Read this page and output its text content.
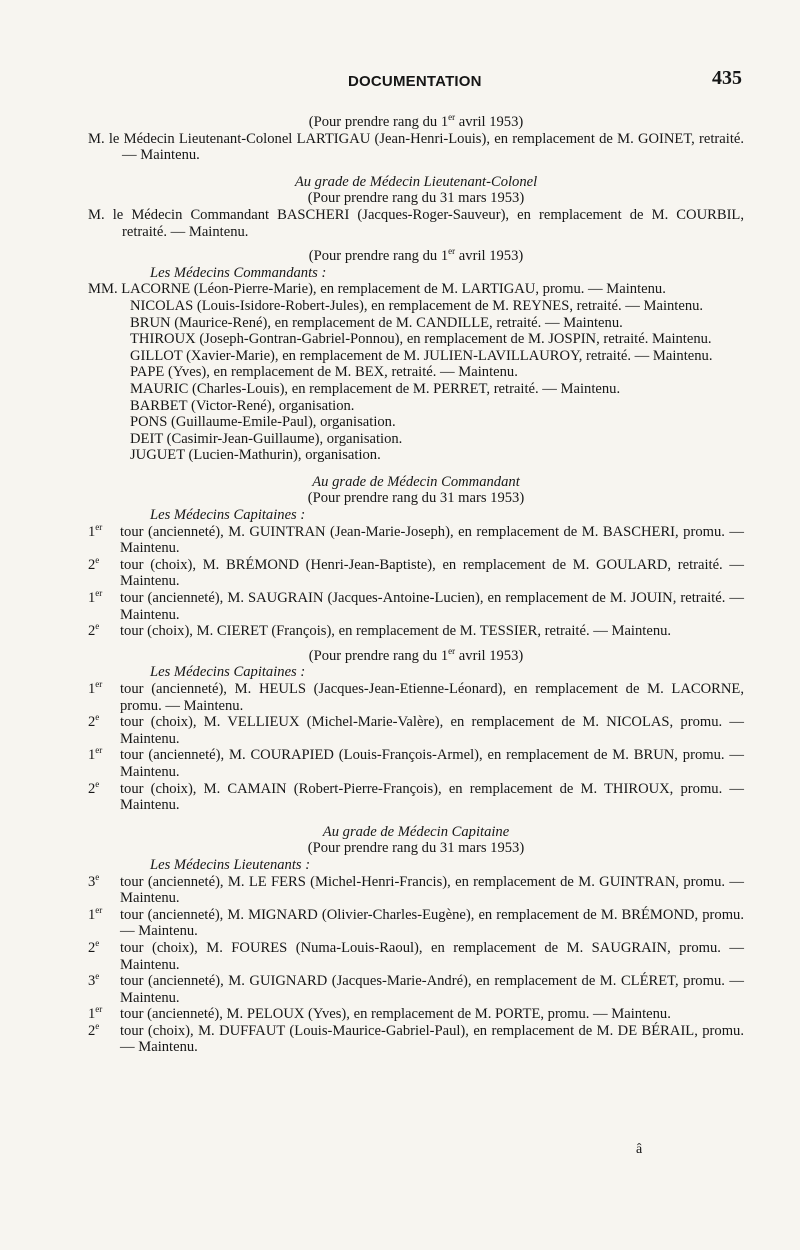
DOCUMENTATION	435
(Pour prendre rang du 1er avril 1953)
M. le Médecin Lieutenant-Colonel LARTIGAU (Jean-Henri-Louis), en remplacement de M. GOINET, retraité. — Maintenu.
Au grade de Médecin Lieutenant-Colonel
(Pour prendre rang du 31 mars 1953)
M. le Médecin Commandant BASCHERI (Jacques-Roger-Sauveur), en remplacement de M. COURBIL, retraité. — Maintenu.
(Pour prendre rang du 1er avril 1953)
Les Médecins Commandants :
MM. LACORNE (Léon-Pierre-Marie), en remplacement de M. LARTIGAU, promu. — Maintenu.
NICOLAS (Louis-Isidore-Robert-Jules), en remplacement de M. REYNES, retraité. — Maintenu.
BRUN (Maurice-René), en remplacement de M. CANDILLE, retraité. — Maintenu.
THIROUX (Joseph-Gontran-Gabriel-Ponnou), en remplacement de M. JOSPIN, retraité. Maintenu.
GILLOT (Xavier-Marie), en remplacement de M. JULIEN-LAVILLAUROY, retraité. — Maintenu.
PAPE (Yves), en remplacement de M. BEX, retraité. — Maintenu.
MAURIC (Charles-Louis), en remplacement de M. PERRET, retraité. — Maintenu.
BARBET (Victor-René), organisation.
PONS (Guillaume-Emile-Paul), organisation.
DEIT (Casimir-Jean-Guillaume), organisation.
JUGUET (Lucien-Mathurin), organisation.
Au grade de Médecin Commandant
(Pour prendre rang du 31 mars 1953)
Les Médecins Capitaines :
1er	tour (ancienneté), M. GUINTRAN (Jean-Marie-Joseph), en remplacement de M. BASCHERI, promu. — Maintenu.
2e	tour (choix), M. BRÉMOND (Henri-Jean-Baptiste), en remplacement de M. GOULARD, retraité. — Maintenu.
1er	tour (ancienneté), M. SAUGRAIN (Jacques-Antoine-Lucien), en remplacement de M. JOUIN, retraité. — Maintenu.
2e	tour (choix), M. CIERET (François), en remplacement de M. TESSIER, retraité. — Maintenu.
(Pour prendre rang du 1er avril 1953)
Les Médecins Capitaines :
1er	tour (ancienneté), M. HEULS (Jacques-Jean-Etienne-Léonard), en remplacement de M. LACORNE, promu. — Maintenu.
2e	tour (choix), M. VELLIEUX (Michel-Marie-Valère), en remplacement de M. NICOLAS, promu. — Maintenu.
1er	tour (ancienneté), M. COURAPIED (Louis-François-Armel), en remplacement de M. BRUN, promu. — Maintenu.
2e	tour (choix), M. CAMAIN (Robert-Pierre-François), en remplacement de M. THIROUX, promu. — Maintenu.
Au grade de Médecin Capitaine
(Pour prendre rang du 31 mars 1953)
Les Médecins Lieutenants :
3e	tour (ancienneté), M. LE FERS (Michel-Henri-Francis), en remplacement de M. GUINTRAN, promu. — Maintenu.
1er	tour (ancienneté), M. MIGNARD (Olivier-Charles-Eugène), en remplacement de M. BRÉMOND, promu. — Maintenu.
2e	tour (choix), M. FOURES (Numa-Louis-Raoul), en remplacement de M. SAUGRAIN, promu. — Maintenu.
3e	tour (ancienneté), M. GUIGNARD (Jacques-Marie-André), en remplacement de M. CLÉRET, promu. — Maintenu.
1er	tour (ancienneté), M. PELOUX (Yves), en remplacement de M. PORTE, promu. — Maintenu.
2e	tour (choix), M. DUFFAUT (Louis-Maurice-Gabriel-Paul), en remplacement de M. DE BÉRAIL, promu. — Maintenu.
â
